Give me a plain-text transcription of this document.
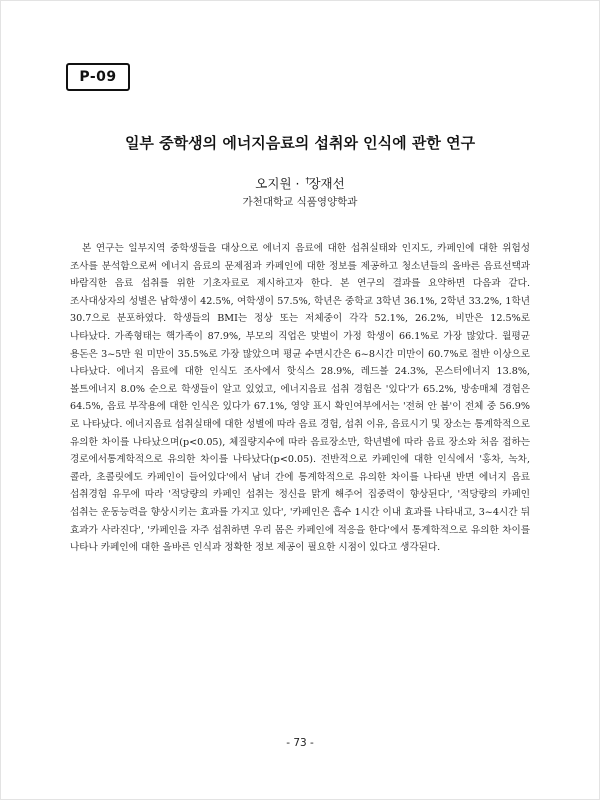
P-09
일부 중학생의 에너지음료의 섭취와 인식에 관한 연구
오지원 · †장재선
가천대학교 식품영양학과

본 연구는 일부지역 중학생들을 대상으로 에너지 음료에 대한 섭취실태와 인지도, 카페인에 대한 위험성 조사를 분석함으로써 에너지 음료의 문제점과 카페인에 대한 정보를 제공하고 청소년들의 올바른 음료선택과 바람직한 음료 섭취를 위한 기초자료로 제시하고자 한다. 본 연구의 결과를 요약하면 다음과 같다. 조사대상자의 성별은 남학생이 42.5%, 여학생이 57.5%, 학년은 중학교 3학년 36.1%, 2학년 33.2%, 1학년 30.7으로 분포하였다. 학생들의 BMI는 정상 또는 저체중이 각각 52.1%, 26.2%, 비만은 12.5%로 나타났다. 가족형태는 핵가족이 87.9%, 부모의 직업은 맞벌이 가정 학생이 66.1%로 가장 많았다. 월평균 용돈은 3~5만 원 미만이 35.5%로 가장 많았으며 평균 수면시간은 6~8시간 미만이 60.7%로 절반 이상으로 나타났다. 에너지 음료에 대한 인식도 조사에서 핫식스 28.9%, 레드볼 24.3%, 몬스터에너지 13.8%, 볼트에너지 8.0% 순으로 학생들이 알고 있었고, 에너지음료 섭취 경험은 '있다'가 65.2%, 방송매체 경험은 64.5%, 음료 부작용에 대한 인식은 있다가 67.1%, 영양 표시 확인여부에서는 '전혀 안 봄'이 전체 중 56.9%로 나타났다. 에너지음료 섭취실태에 대한 성별에 따라 음료 경험, 섭취 이유, 음료시기 및 장소는 통계학적으로 유의한 차이를 나타났으며(p<0.05), 체질량지수에 따라 음료장소만, 학년별에 따라 음료 장소와 처음 접하는 경로에서통계학적으로 유의한 차이를 나타났다(p<0.05). 전반적으로 카페인에 대한 인식에서 '홍차, 녹차, 콜라, 초콜릿에도 카페인이 들어있다'에서 남녀 간에 통계학적으로 유의한 차이를 나타낸 반면 에너지 음료 섭취경험 유무에 따라 '적당량의 카페인 섭취는 정신을 맑게 해주어 집중력이 향상된다', '적당량의 카페인 섭취는 운동능력을 향상시키는 효과를 가지고 있다', '카페인은 흡수 1시간 이내 효과를 나타내고, 3~4시간 뒤 효과가 사라진다', '카페인을 자주 섭취하면 우리 몸은 카페인에 적응을 한다'에서 통계학적으로 유의한 차이를 나타나 카페인에 대한 올바른 인식과 정확한 정보 제공이 필요한 시점이 있다고 생각된다.

- 73 -
